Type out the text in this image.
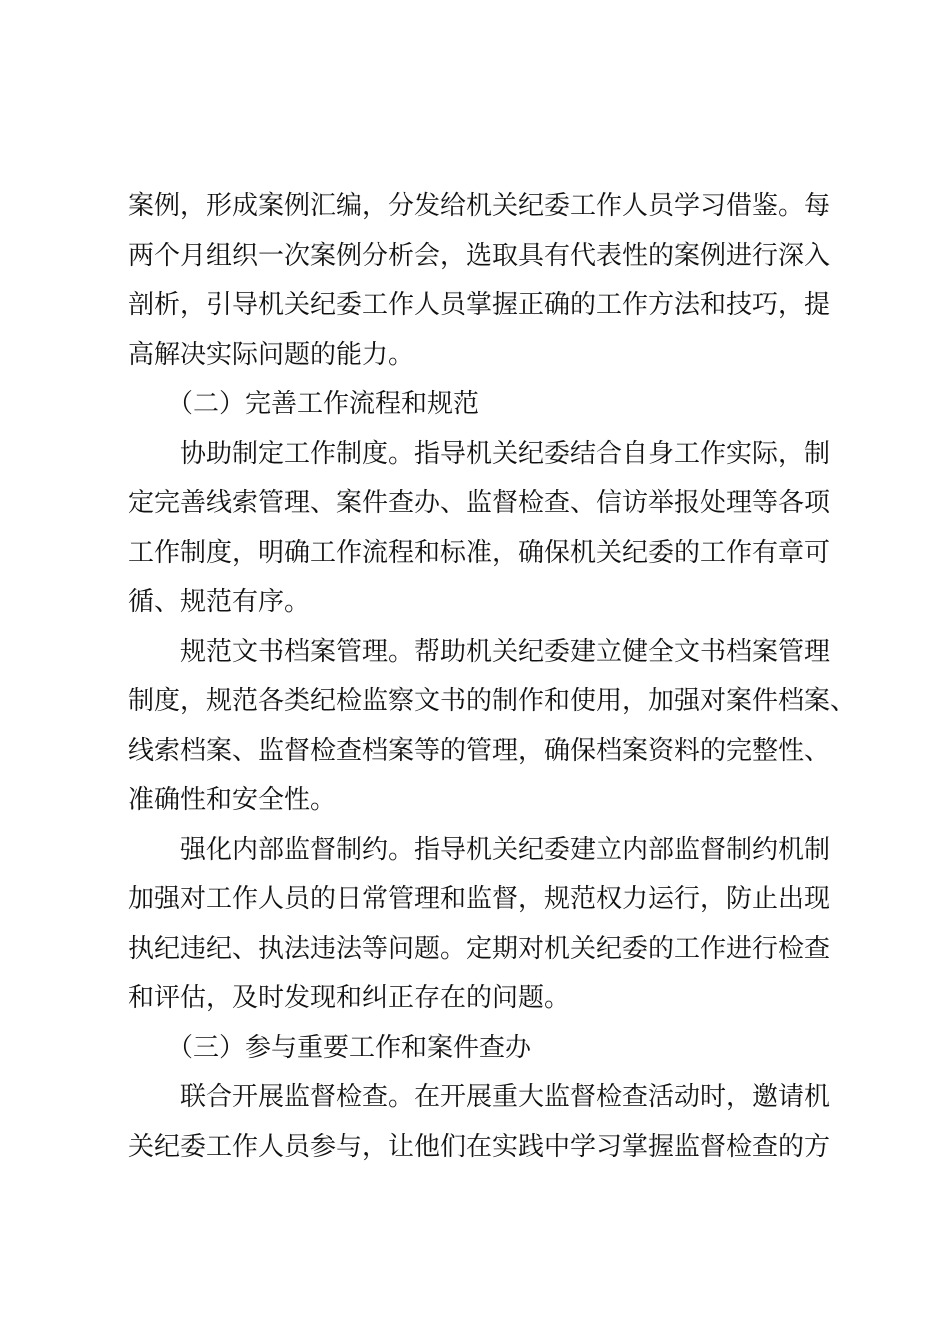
案例，形成案例汇编，分发给机关纪委工作人员学习借鉴。每
两个月组织一次案例分析会，选取具有代表性的案例进行深入
剖析，引导机关纪委工作人员掌握正确的工作方法和技巧，提
高解决实际问题的能力。
　　（二）完善工作流程和规范
　　协助制定工作制度。指导机关纪委结合自身工作实际，制
定完善线索管理、案件查办、监督检查、信访举报处理等各项
工作制度，明确工作流程和标准，确保机关纪委的工作有章可
循、规范有序。
　　规范文书档案管理。帮助机关纪委建立健全文书档案管理
制度，规范各类纪检监察文书的制作和使用，加强对案件档案、
线索档案、监督检查档案等的管理，确保档案资料的完整性、
准确性和安全性。
　　强化内部监督制约。指导机关纪委建立内部监督制约机制
加强对工作人员的日常管理和监督，规范权力运行，防止出现
执纪违纪、执法违法等问题。定期对机关纪委的工作进行检查
和评估，及时发现和纠正存在的问题。
　　（三）参与重要工作和案件查办
　　联合开展监督检查。在开展重大监督检查活动时，邀请机
关纪委工作人员参与，让他们在实践中学习掌握监督检查的方
